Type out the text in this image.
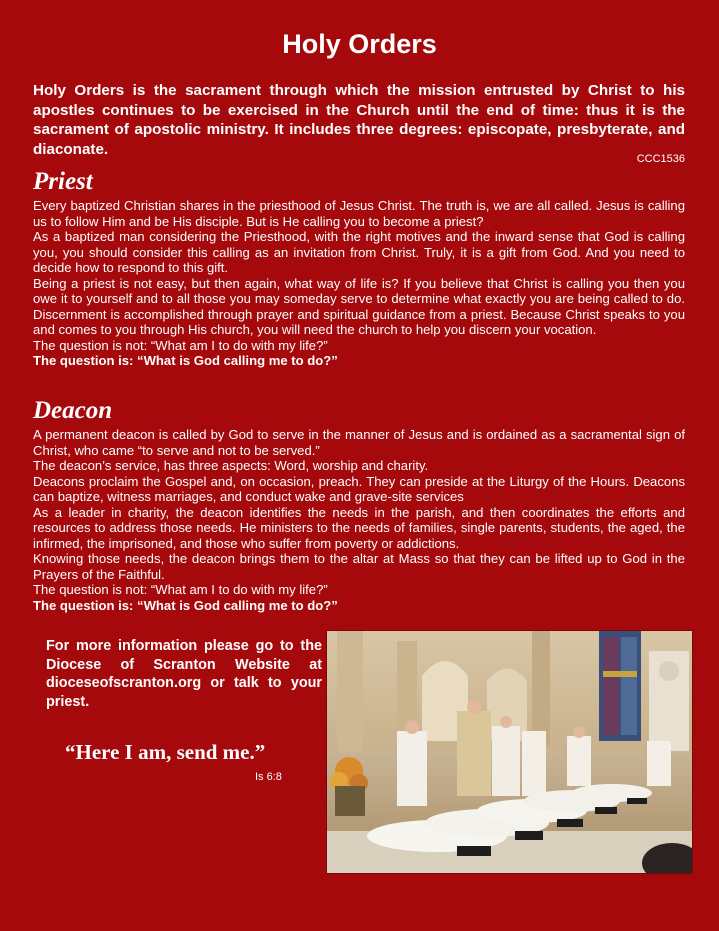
Holy Orders
Holy Orders is the sacrament through which the mission entrusted by Christ to his apostles continues to be exercised in the Church until the end of time: thus it is the sacrament of apostolic ministry. It includes three degrees: episcopate, presbyterate, and diaconate.
CCC1536
Priest

Every baptized Christian shares in the priesthood of Jesus Christ. The truth is, we are all called. Jesus is calling us to follow Him and be His disciple. But is He calling you to become a priest?

As a baptized man considering the Priesthood, with the right motives and the inward sense that God is calling you, you should consider this calling as an invitation from Christ. Truly, it is a gift from God. And you need to decide how to respond to this gift.

Being a priest is not easy, but then again, what way of life is? If you believe that Christ is calling you then you owe it to yourself and to all those you may someday serve to determine what exactly you are being called to do. Discernment is accomplished through prayer and spiritual guidance from a priest. Because Christ speaks to you and comes to you through His church, you will need the church to help you discern your vocation.

The question is not: “What am I to do with my life?”

The question is: “What is God calling me to do?”

Deacon

A permanent deacon is called by God to serve in the manner of Jesus and is ordained as a sacramental sign of Christ, who came “to serve and not to be served.”

The deacon’s service, has three aspects: Word, worship and charity.

Deacons proclaim the Gospel and, on occasion, preach. They can preside at the Liturgy of the Hours. Deacons can baptize, witness marriages, and conduct wake and grave-site services

As a leader in charity, the deacon identifies the needs in the parish, and then coordinates the efforts and resources to address those needs. He ministers to the needs of families, single parents, students, the aged, the infirmed, the imprisoned, and those who suffer from poverty or addictions.

Knowing those needs, the deacon brings them to the altar at Mass so that they can be lifted up to God in the Prayers of the Faithful.

The question is not: “What am I to do with my life?”

The question is: “What is God calling me to do?”

For more information please go to the Diocese of Scranton Website at dioceseofscranton.org or talk to your priest.
“Here I am, send me.”
Is 6:8
